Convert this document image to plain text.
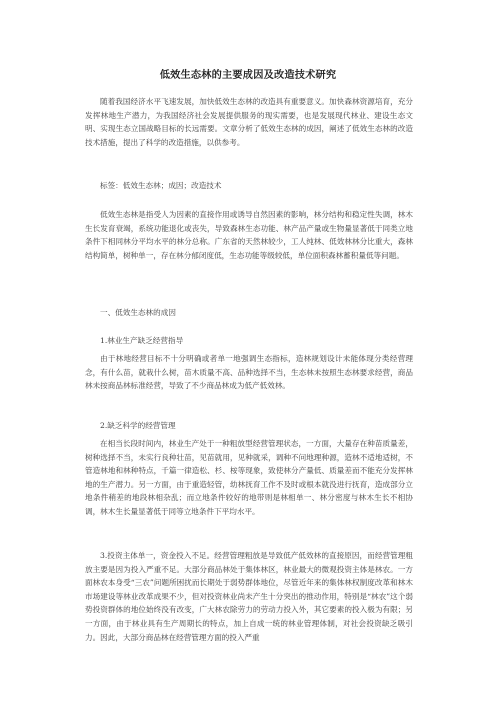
低效生态林的主要成因及改造技术研究

随着我国经济水平飞速发展，加快低效生态林的改造具有重要意义。加快森林资源培育，充分发挥林地生产潜力，为我国经济社会发展提供服务的现实需要，也是发展现代林业、建设生态文明、实现生态立国战略目标的长远需要。文章分析了低效生态林的成因，阐述了低效生态林的改造技术措施，提出了科学的改造措施，以供参考。

标签：低效生态林；成因；改造技术

低效生态林是指受人为因素的直接作用或诱导自然因素的影响，林分结构和稳定性失调，林木生长发育衰竭，系统功能退化或丧失，导致森林生态功能、林产品产量或生物量显著低于同类立地条件下相同林分平均水平的林分总称。广东省的天然林较少，工人纯林、低效林林分比重大，森林结构简单，树种单一，存在林分郁闭度低，生态功能等级较低，单位面积森林蓄积量低等问题。

一、低效生态林的成因

1.林业生产缺乏经营指导

由于林地经营目标不十分明确或者单一地强调生态指标，造林规划设计未能体现分类经营理念，有什么苗，就栽什么树，苗木质量不高、品种选择不当，生态林未按照生态林要求经营，商品林未按商品林标准经营，导致了不少商品林成为低产低效林。

2.缺乏科学的经营管理

在相当长段时间内，林业生产处于一种粗放型经营管理状态，一方面，大量存在种苗质量差，树种选择不当，未实行良种壮苗，见苗就用，见种就采，调种不问地理种源，造林不适地适树，不管造林地和林种特点，千篇一律造松、杉、桉等现象，致使林分产量低、质量差而不能充分发挥林地的生产潜力。另一方面，由于重造轻管，幼林抚育工作不及时或根本就没进行抚育，造成部分立地条件稍差的地段林相杂乱；而立地条件较好的地带则是林相单一、林分密度与林木生长不相协调，林木生长量显著低于同等立地条件下平均水平。

3.投资主体单一，资金投入不足。经营管理粗放是导致低产低效林的直接原因，而经营管理粗放主要是因为投入严重不足。大部分商品林处于集体林区，林业最大的微观投资主体是林农。一方面林农本身受“三农”问题所困扰而长期处于弱势群体地位，尽管近年来的集体林权制度改革和林木市场建设等林业改革成果不少，但对投资林业尚未产生十分突出的推动作用，特别是“林农”这个弱势投资群体的地位始终没有改变，广大林农除劳力的劳动力投入外，其它要素的投入极为有限；另一方面，由于林业具有生产周期长的特点，加上自成一统的林业管理体制，对社会投资缺乏吸引力。因此，大部分商品林在经营管理方面的投入严重
